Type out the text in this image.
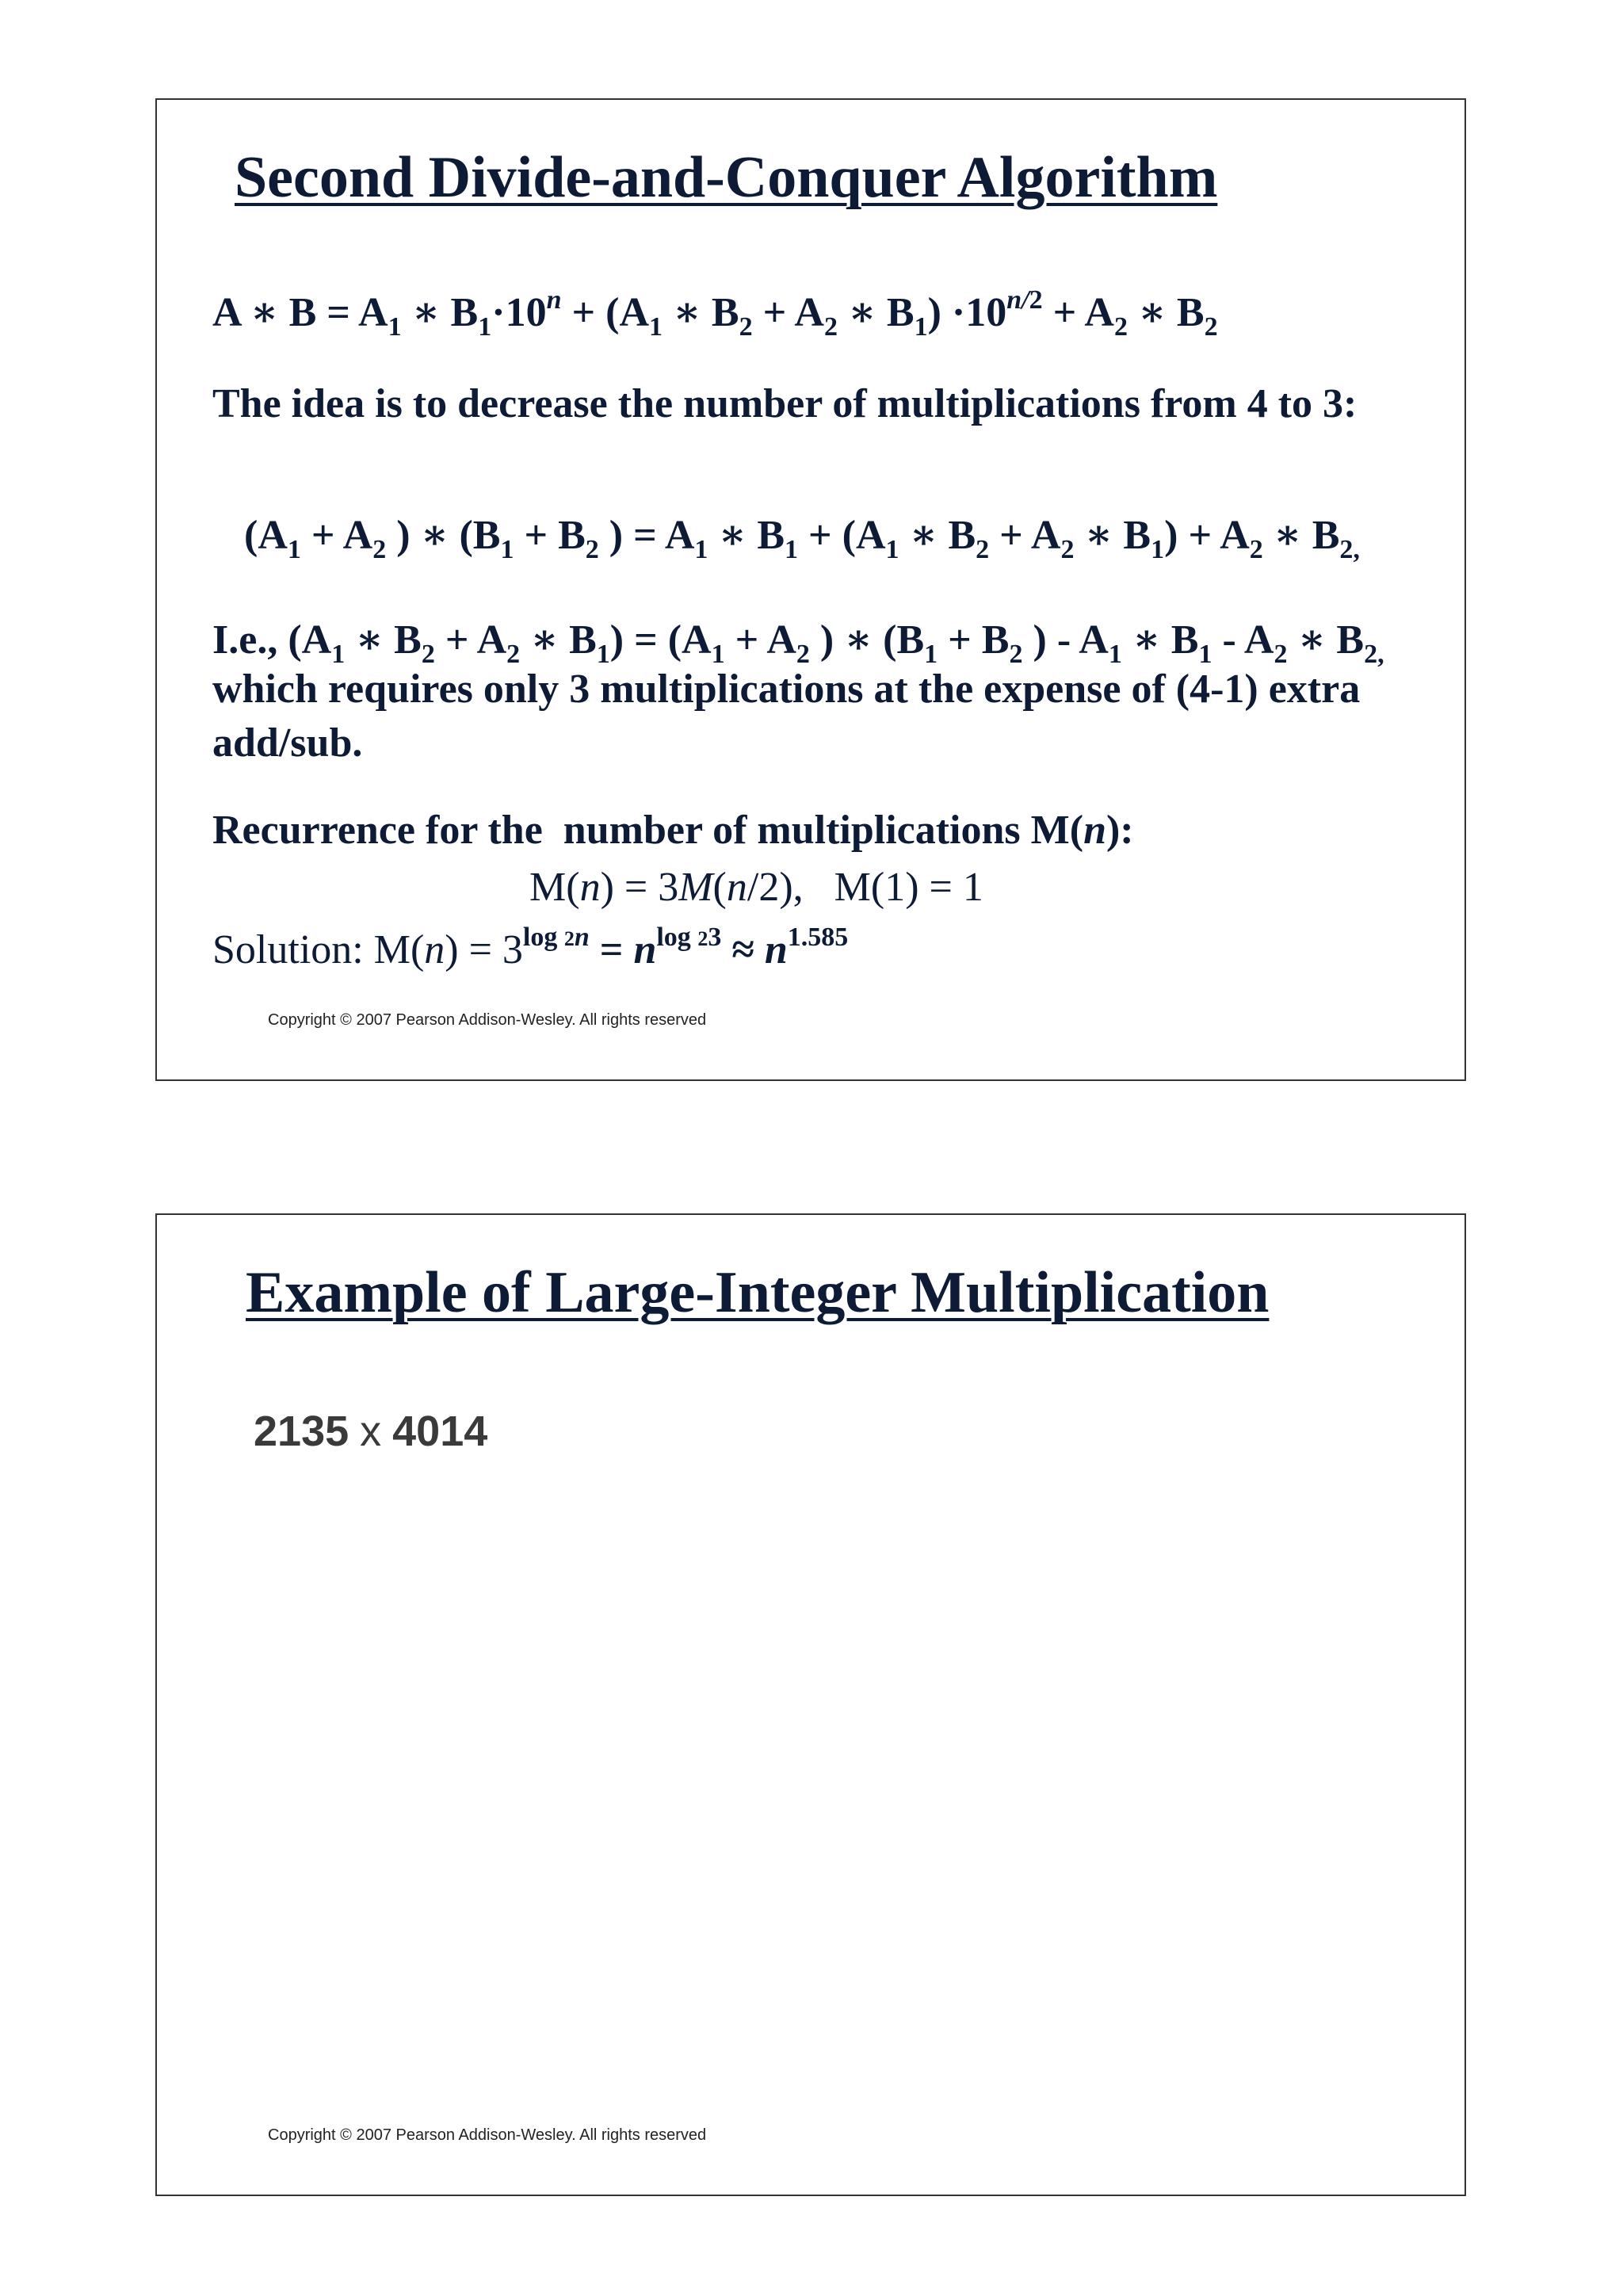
Second Divide-and-Conquer Algorithm
A ∗ $B = A_1$ ∗ $B_1\cdot 10^n + (A_1$ ∗ $B_2 + A_2$ ∗ $B_1) \cdot 10^{n/2} + A_2$ ∗ $B_2$
The idea is to decrease the number of multiplications from 4 to 3:
($A_1 + A_2$ ) ∗ ($B_1 + B_2$ ) = $A_1$ ∗ $B_1 + (A_1$ ∗ $B_2 + A_2$ ∗ $B_1) + A_2$ ∗ $B_{2,}$
I.e., ($A_1$ ∗ $B_2 + A_2$ ∗ $B_1) = (A_1 + A_2$ ) ∗ ($B_1 + B_2$ ) - $A_1$ ∗ $B_1 - A_2$ ∗ $B_{2,}$
which requires only 3 multiplications at the expense of (4-1) extra
add/sub.
Recurrence for the  number of multiplications M(n):
M(n) = 3M(n/2),   M(1) = 1
Solution: $M(n) = 3^{log 2n} = n^{log 23} \approx n^{1.585}$
Copyright © 2007 Pearson Addison-Wesley. All rights reserved
Example of Large-Integer Multiplication
2135 x 4014
Copyright © 2007 Pearson Addison-Wesley. All rights reserved
